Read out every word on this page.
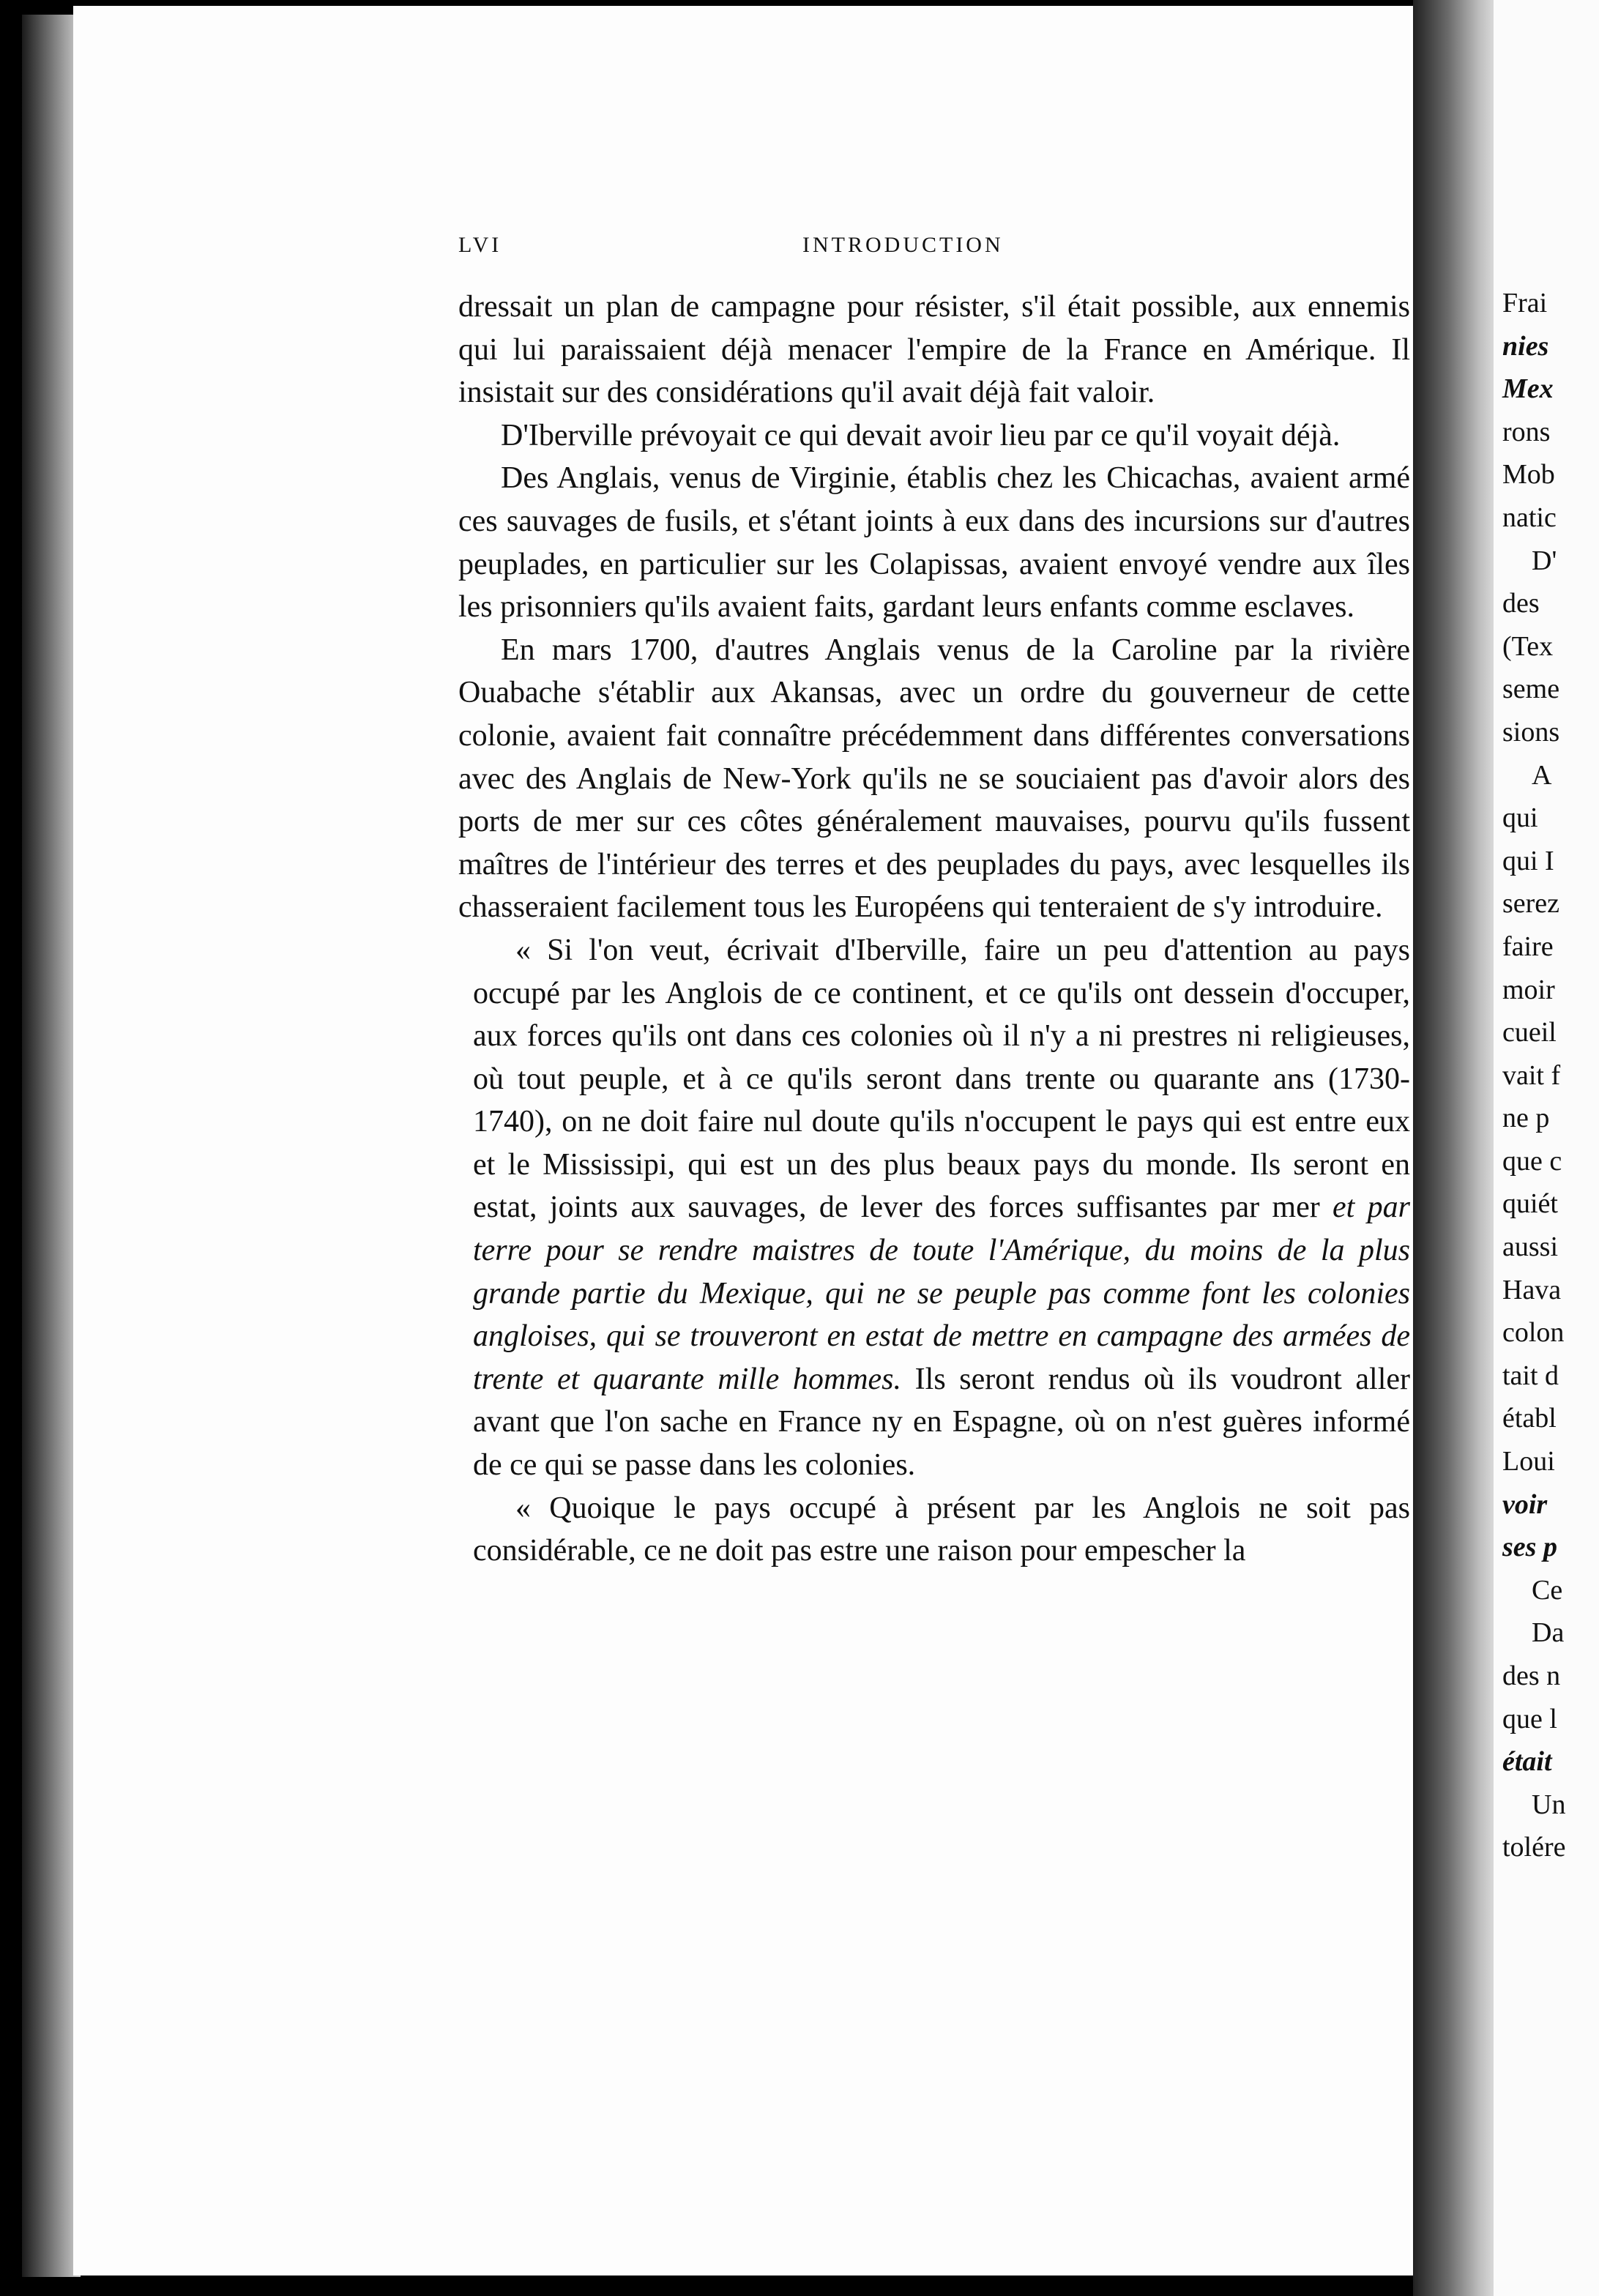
LVI	INTRODUCTION

dressait un plan de campagne pour résister, s'il était possible, aux ennemis qui lui paraissaient déjà menacer l'empire de la France en Amérique. Il insistait sur des considérations qu'il avait déjà fait valoir.

D'Iberville prévoyait ce qui devait avoir lieu par ce qu'il voyait déjà.

Des Anglais, venus de Virginie, établis chez les Chicachas, avaient armé ces sauvages de fusils, et s'étant joints à eux dans des incursions sur d'autres peuplades, en particulier sur les Colapissas, avaient envoyé vendre aux îles les prisonniers qu'ils avaient faits, gardant leurs enfants comme esclaves.

En mars 1700, d'autres Anglais venus de la Caroline par la rivière Ouabache s'établir aux Akansas, avec un ordre du gouverneur de cette colonie, avaient fait connaître précédemment dans différentes conversations avec des Anglais de New-York qu'ils ne se souciaient pas d'avoir alors des ports de mer sur ces côtes généralement mauvaises, pourvu qu'ils fussent maîtres de l'intérieur des terres et des peuplades du pays, avec lesquelles ils chasseraient facilement tous les Européens qui tenteraient de s'y introduire.

« Si l'on veut, écrivait d'Iberville, faire un peu d'attention au pays occupé par les Anglois de ce continent, et ce qu'ils ont dessein d'occuper, aux forces qu'ils ont dans ces colonies où il n'y a ni prestres ni religieuses, où tout peuple, et à ce qu'ils seront dans trente ou quarante ans (1730-1740), on ne doit faire nul doute qu'ils n'occupent le pays qui est entre eux et le Mississipi, qui est un des plus beaux pays du monde. Ils seront en estat, joints aux sauvages, de lever des forces suffisantes par mer et par terre pour se rendre maistres de toute l'Amérique, du moins de la plus grande partie du Mexique, qui ne se peuple pas comme font les colonies angloises, qui se trouveront en estat de mettre en campagne des armées de trente et quarante mille hommes. Ils seront rendus où ils voudront aller avant que l'on sache en France ny en Espagne, où on n'est guères informé de ce qui se passe dans les colonies.

« Quoique le pays occupé à présent par les Anglois ne soit pas considérable, ce ne doit pas estre une raison pour empescher la

Frai
nies
Mex
rons
Mob
natic
D'
des
(Tex
seme
sions
A
qui
qui I
serez
faire
moir
cueil
vait f
ne p
que c
quiét
aussi
Hava
colon
tait d
établ
Loui
voir
ses p
Ce
Da
des n
que l
était
Un
tolére
